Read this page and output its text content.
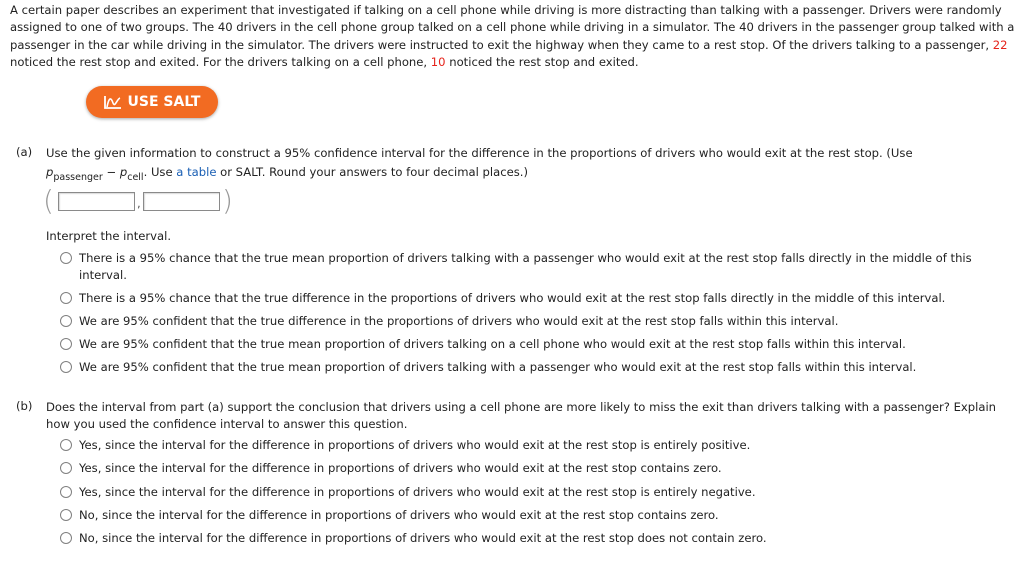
A certain paper describes an experiment that investigated if talking on a cell phone while driving is more distracting than talking with a passenger. Drivers were randomly assigned to one of two groups. The 40 drivers in the cell phone group talked on a cell phone while driving in a simulator. The 40 drivers in the passenger group talked with a passenger in the car while driving in the simulator. The drivers were instructed to exit the highway when they came to a rest stop. Of the drivers talking to a passenger, 22 noticed the rest stop and exited. For the drivers talking on a cell phone, 10 noticed the rest stop and exited.
USE SALT
(a) Use the given information to construct a 95% confidence interval for the difference in the proportions of drivers who would exit at the rest stop. (Use
$p_{passenger} - p_{cell}$. Use a table or SALT. Round your answers to four decimal places.)
(	,	)
Interpret the interval.
There is a 95% chance that the true mean proportion of drivers talking with a passenger who would exit at the rest stop falls directly in the middle of this interval.
There is a 95% chance that the true difference in the proportions of drivers who would exit at the rest stop falls directly in the middle of this interval.
We are 95% confident that the true difference in the proportions of drivers who would exit at the rest stop falls within this interval.
We are 95% confident that the true mean proportion of drivers talking on a cell phone who would exit at the rest stop falls within this interval.
We are 95% confident that the true mean proportion of drivers talking with a passenger who would exit at the rest stop falls within this interval.
(b) Does the interval from part (a) support the conclusion that drivers using a cell phone are more likely to miss the exit than drivers talking with a passenger? Explain how you used the confidence interval to answer this question.
Yes, since the interval for the difference in proportions of drivers who would exit at the rest stop is entirely positive.
Yes, since the interval for the difference in proportions of drivers who would exit at the rest stop contains zero.
Yes, since the interval for the difference in proportions of drivers who would exit at the rest stop is entirely negative.
No, since the interval for the difference in proportions of drivers who would exit at the rest stop contains zero.
No, since the interval for the difference in proportions of drivers who would exit at the rest stop does not contain zero.
